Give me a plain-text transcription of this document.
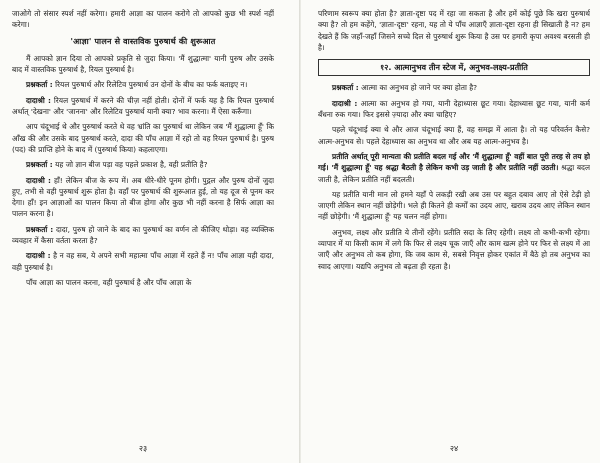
जाओगे तो संसार स्पर्श नहीं करेगा। हमारी आज्ञा का पालन करोगे तो आपको कुछ भी स्पर्श नहीं करेगा।

'आज्ञा' पालन से वास्तविक पुरुषार्थ की शुरूआत

मैं आपको ज्ञान दिया तो आपको प्रकृति से जुदा किया। 'मैं शुद्धात्मा' यानी पुरुष और उसके बाद में वास्तविक पुरुषार्थ है, रियल पुरुषार्थ है।

प्रश्नकर्ता : रियल पुरुषार्थ और रिलेटिव पुरुषार्थ उन दोनों के बीच का फर्क बताइए न।

दादाश्री : रियल पुरुषार्थ में करने की चीज़ नहीं होती। दोनों में फर्क यह है कि रियल पुरुषार्थ अर्थात् 'देखना' और 'जानना' और रिलेटिव पुरुषार्थ यानी क्या? भाव करना। मैं ऐसा करूँगा।

आप चंदूभाई थे और पुरुषार्थ करते थे वह भ्रांति का पुरुषार्थ था लेकिन जब 'मैं शुद्धात्मा हूँ' कि आँख की और उसके बाद पुरुषार्थ करते, दादा की पाँच आज्ञा में रहो तो वह रियल पुरुषार्थ है। पुरुष (पद) की प्राप्ति होने के बाद में (पुरुषार्थ किया) कहलाएगा।

प्रश्नकर्ता : यह जो ज्ञान बीज पड़ा वह पहले प्रकाश है, वही प्रतीति है?

दादाश्री : हाँ! लेकिन बीज के रूप में। अब धीरे-धीरे पूनम होगी। पुद्गल और पुरुष दोनों जुदा हुए, तभी से वही पुरुषार्थ शुरू होता है। वहाँ पर पुरुषार्थ की शुरूआत हुई, तो यह दूज से पूनम कर देगा। हाँ! इन आज्ञाओं का पालन किया तो बीज होगा और कुछ भी नहीं करना है सिर्फ आज्ञा का पालन करना है।

प्रश्नकर्ता : दादा, पुरुष हो जाने के बाद का पुरुषार्थ का वर्णन तो कीजिए थोड़ा। वह व्यक्तिक व्यवहार में कैसा वर्तता करता है?

दादाश्री : है न वह सब, ये अपने सभी महात्मा पाँच आज्ञा में रहते हैं न! पाँच आज्ञा यही दादा, वही पुरुषार्थ है।

पाँच आज्ञा का पालन करना, वही पुरुषार्थ है और पाँच आज्ञा के

२३

परिणाम स्वरूप क्या होता है? ज्ञाता-दृष्टा पद में रहा जा सकता है और हमें कोई पूछे कि खरा पुरुषार्थ क्या है? तो हम कहेंगे, 'ज्ञाता-दृष्टा' रहना, यह तो ये पाँच आज्ञाएँ ज्ञाता-दृष्टा रहना ही सिखाती है न? हम देखते हैं कि जहाँ-जहाँ जिसने सच्चे दिल से पुरुषार्थ शुरू किया है उस पर हमारी कृपा अवश्य बरसती ही है।

१२. आत्मानुभव तीन स्टेज में, अनुभव-लक्ष्य-प्रतीति

प्रश्नकर्ता : आत्मा का अनुभव हो जाने पर क्या होता है?

दादाश्री : आत्मा का अनुभव हो गया, यानी देहाध्यास छूट गया। देहाध्यास छूट गया, यानी कर्म बँधना रुक गया। फिर इससे ज़्यादा और क्या चाहिए?

पहले चंदूभाई क्या थे और आज चंदूभाई क्या हैं, वह समझ में आता है। तो यह परिवर्तन कैसे? आत्म-अनुभव से। पहले देहाध्यास का अनुभव था और अब यह आत्म-अनुभव है।

प्रतीति अर्थात् पूरी मान्यता की प्रतीति बदल गई और 'मैं शुद्धात्मा हूँ' वहीं बात पूरी तरह से तय हो गई। 'मैं शुद्धात्मा हूँ' यह श्रद्धा बैठती है लेकिन कभी उड़ जाती है और प्रतीति नहीं उठती। श्रद्धा बदल जाती है, लेकिन प्रतीति नहीं बदलती।

यह प्रतीति यानी मान लो हमने यहाँ पे लकड़ी रखी अब उस पर बहुत दबाव आए तो ऐसे टेढ़ी हो जाएगी लेकिन स्थान नहीं छोड़ेगी। भले ही कितने ही कर्मों का उदय आए, खराब उदय आए लेकिन स्थान नहीं छोड़ेगी। 'मैं शुद्धात्मा हूँ' यह चलन नहीं होगा।

अनुभव, लक्ष्य और प्रतीति ये तीनों रहेंगे। प्रतीति सदा के लिए रहेगी। लक्ष्य तो कभी-कभी रहेगा। व्यापार में या किसी काम में लगे कि फिर से लक्ष्य चूक जाएँ और काम खत्म होने पर फिर से लक्ष्य में आ जाएँ और अनुभव तो कब होगा, कि जब काम से, सबसे निवृत्त होकर एकांत में बैठे हो तब अनुभव का स्वाद आएगा। यद्यपि अनुभव तो बढ़ता ही रहता है।

२४
